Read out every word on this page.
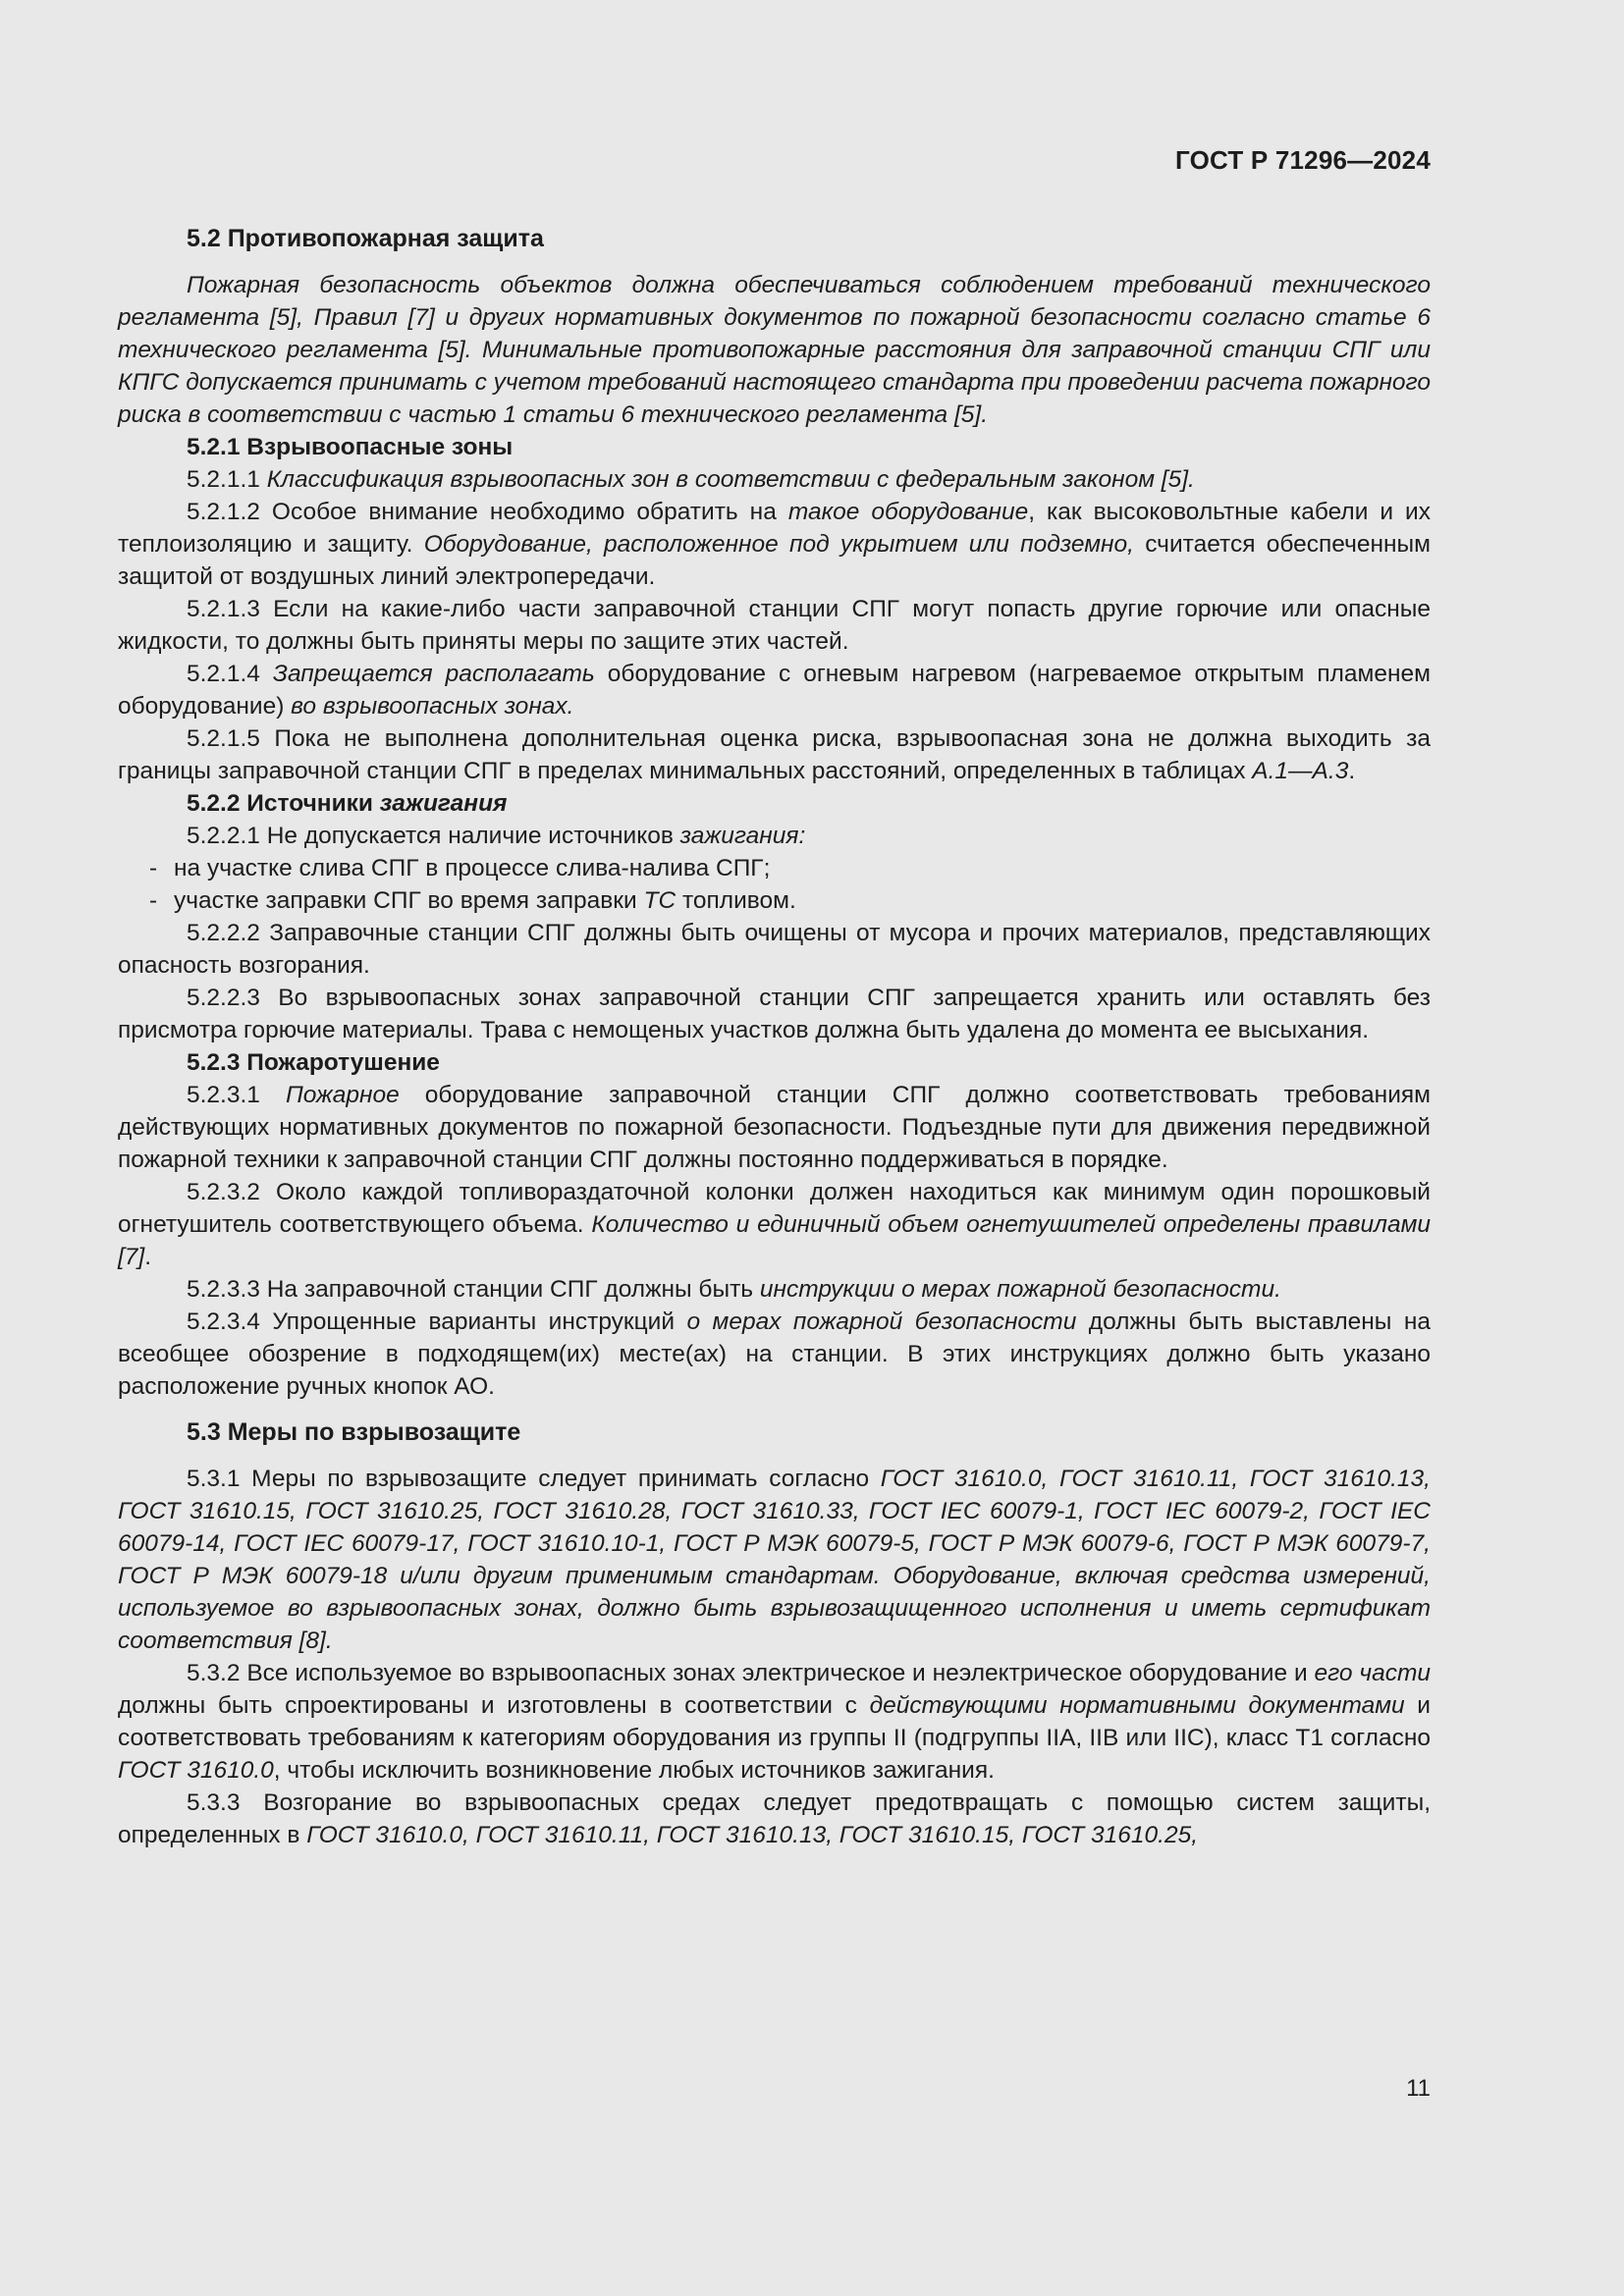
ГОСТ Р 71296—2024

5.2 Противопожарная защита

Пожарная безопасность объектов должна обеспечиваться соблюдением требований технического регламента [5], Правил [7] и других нормативных документов по пожарной безопасности согласно статье 6 технического регламента [5]. Минимальные противопожарные расстояния для заправочной станции СПГ или КПГС допускается принимать с учетом требований настоящего стандарта при проведении расчета пожарного риска в соответствии с частью 1 статьи 6 технического регламента [5].

5.2.1 Взрывоопасные зоны

5.2.1.1 Классификация взрывоопасных зон в соответствии с федеральным законом [5].

5.2.1.2 Особое внимание необходимо обратить на такое оборудование, как высоковольтные кабели и их теплоизоляцию и защиту. Оборудование, расположенное под укрытием или подземно, считается обеспеченным защитой от воздушных линий электропередачи.

5.2.1.3 Если на какие-либо части заправочной станции СПГ могут попасть другие горючие или опасные жидкости, то должны быть приняты меры по защите этих частей.

5.2.1.4 Запрещается располагать оборудование с огневым нагревом (нагреваемое открытым пламенем оборудование) во взрывоопасных зонах.

5.2.1.5 Пока не выполнена дополнительная оценка риска, взрывоопасная зона не должна выходить за границы заправочной станции СПГ в пределах минимальных расстояний, определенных в таблицах А.1—А.3.

5.2.2 Источники зажигания

5.2.2.1 Не допускается наличие источников зажигания:

- на участке слива СПГ в процессе слива-налива СПГ;

- участке заправки СПГ во время заправки ТС топливом.

5.2.2.2 Заправочные станции СПГ должны быть очищены от мусора и прочих материалов, представляющих опасность возгорания.

5.2.2.3 Во взрывоопасных зонах заправочной станции СПГ запрещается хранить или оставлять без присмотра горючие материалы. Трава с немощеных участков должна быть удалена до момента ее высыхания.

5.2.3 Пожаротушение

5.2.3.1 Пожарное оборудование заправочной станции СПГ должно соответствовать требованиям действующих нормативных документов по пожарной безопасности. Подъездные пути для движения передвижной пожарной техники к заправочной станции СПГ должны постоянно поддерживаться в порядке.

5.2.3.2 Около каждой топливораздаточной колонки должен находиться как минимум один порошковый огнетушитель соответствующего объема. Количество и единичный объем огнетушителей определены правилами [7].

5.2.3.3 На заправочной станции СПГ должны быть инструкции о мерах пожарной безопасности.

5.2.3.4 Упрощенные варианты инструкций о мерах пожарной безопасности должны быть выставлены на всеобщее обозрение в подходящем(их) месте(ах) на станции. В этих инструкциях должно быть указано расположение ручных кнопок АО.

5.3 Меры по взрывозащите

5.3.1 Меры по взрывозащите следует принимать согласно ГОСТ 31610.0, ГОСТ 31610.11, ГОСТ 31610.13, ГОСТ 31610.15, ГОСТ 31610.25, ГОСТ 31610.28, ГОСТ 31610.33, ГОСТ IEC 60079-1, ГОСТ IEC 60079-2, ГОСТ IEC 60079-14, ГОСТ IEC 60079-17, ГОСТ 31610.10-1, ГОСТ Р МЭК 60079-5, ГОСТ Р МЭК 60079-6, ГОСТ Р МЭК 60079-7, ГОСТ Р МЭК 60079-18 и/или другим применимым стандартам. Оборудование, включая средства измерений, используемое во взрывоопасных зонах, должно быть взрывозащищенного исполнения и иметь сертификат соответствия [8].

5.3.2 Все используемое во взрывоопасных зонах электрическое и неэлектрическое оборудование и его части должны быть спроектированы и изготовлены в соответствии с действующими нормативными документами и соответствовать требованиям к категориям оборудования из группы II (подгруппы IIA, IIB или IIC), класс Т1 согласно ГОСТ 31610.0, чтобы исключить возникновение любых источников зажигания.

5.3.3 Возгорание во взрывоопасных средах следует предотвращать с помощью систем защиты, определенных в ГОСТ 31610.0, ГОСТ 31610.11, ГОСТ 31610.13, ГОСТ 31610.15, ГОСТ 31610.25,

11
